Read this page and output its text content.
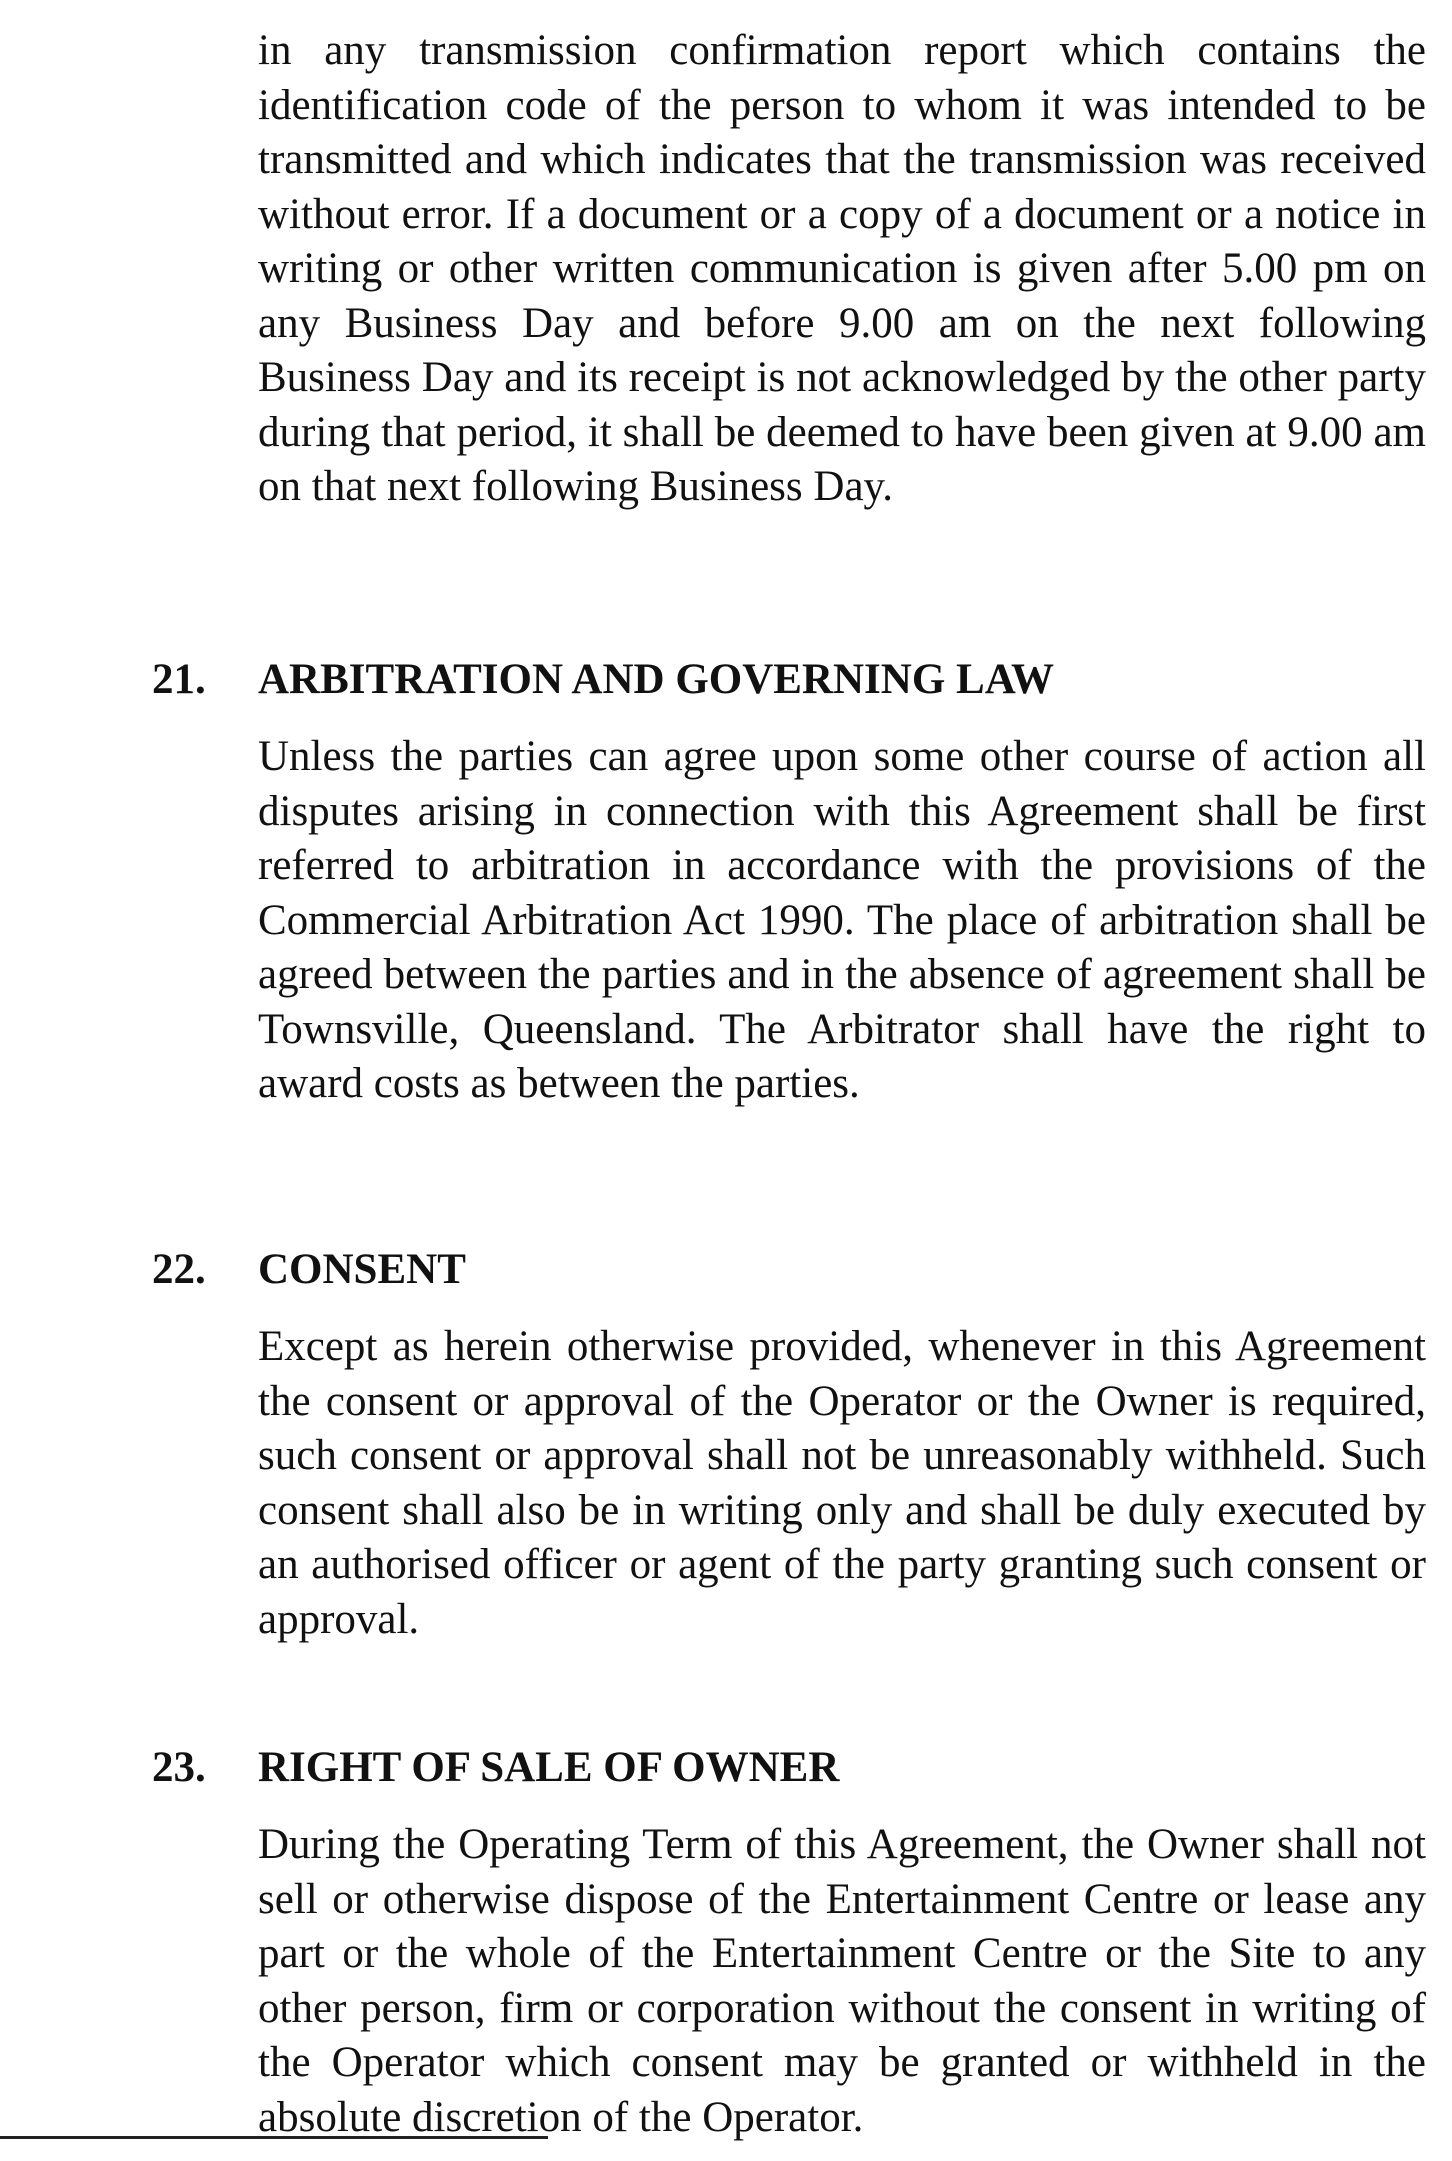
in any transmission confirmation report which contains the identification code of the person to whom it was intended to be transmitted and which indicates that the transmission was received without error. If a document or a copy of a document or a notice in writing or other written communication is given after 5.00 pm on any Business Day and before 9.00 am on the next following Business Day and its receipt is not acknowledged by the other party during that period, it shall be deemed to have been given at 9.00 am on that next following Business Day.

21. ARBITRATION AND GOVERNING LAW

Unless the parties can agree upon some other course of action all disputes arising in connection with this Agreement shall be first referred to arbitration in accordance with the provisions of the Commercial Arbitration Act 1990. The place of arbitration shall be agreed between the parties and in the absence of agreement shall be Townsville, Queensland. The Arbitrator shall have the right to award costs as between the parties.

22. CONSENT

Except as herein otherwise provided, whenever in this Agreement the consent or approval of the Operator or the Owner is required, such consent or approval shall not be unreasonably withheld. Such consent shall also be in writing only and shall be duly executed by an authorised officer or agent of the party granting such consent or approval.

23. RIGHT OF SALE OF OWNER

During the Operating Term of this Agreement, the Owner shall not sell or otherwise dispose of the Entertainment Centre or lease any part or the whole of the Entertainment Centre or the Site to any other person, firm or corporation without the consent in writing of the Operator which consent may be granted or withheld in the absolute discretion of the Operator.
